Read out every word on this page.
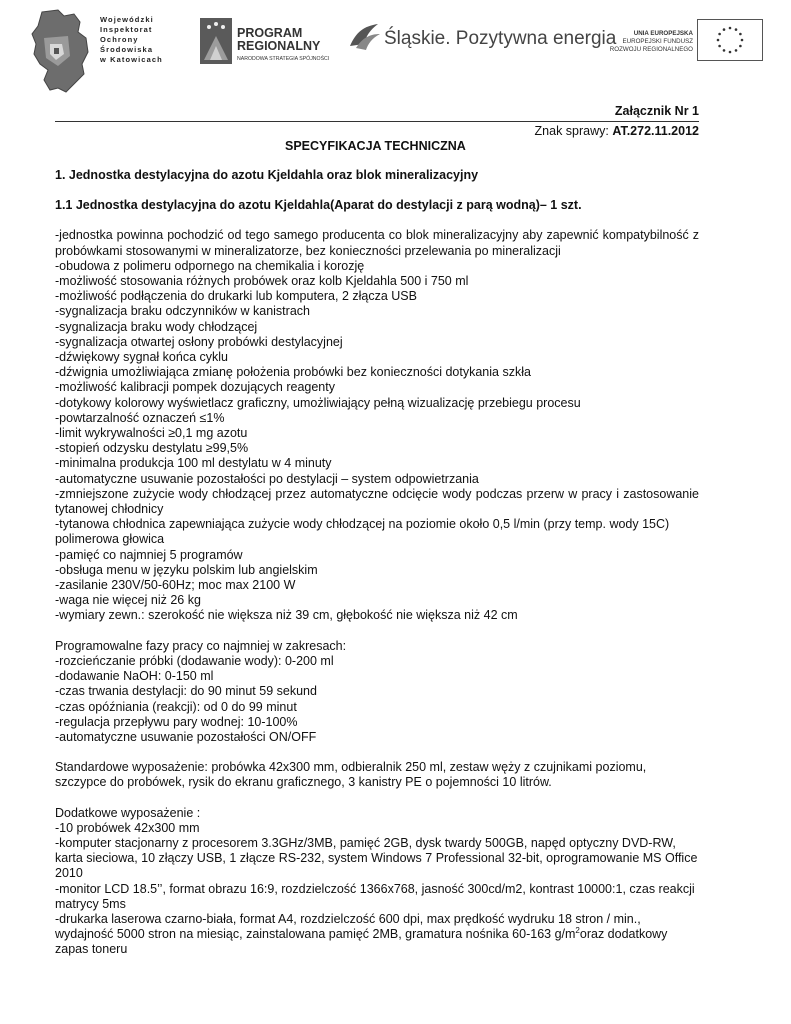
Wojewódzki
Inspektorat
Ochrony
Środowiska
w Katowicach
PROGRAM
REGIONALNY
NARODOWA STRATEGIA SPÓJNOŚCI
Śląskie. Pozytywna energia	UNIA EUROPEJSKA
EUROPEJSKI FUNDUSZ
ROZWOJU REGIONALNEGO
Załącznik Nr 1
Znak sprawy: AT.272.11.2012
SPECYFIKACJA TECHNICZNA

1. Jednostka destylacyjna do azotu Kjeldahla oraz blok mineralizacyjny

1.1 Jednostka destylacyjna do azotu Kjeldahla(Aparat do destylacji z parą wodną)– 1 szt.

-jednostka powinna pochodzić od tego samego producenta co blok mineralizacyjny aby zapewnić kompatybilność z probówkami stosowanymi w mineralizatorze, bez konieczności przelewania po mineralizacji

-obudowa z polimeru odpornego na chemikalia i korozję

-możliwość stosowania różnych probówek oraz kolb Kjeldahla 500 i 750 ml

-możliwość podłączenia do drukarki lub komputera, 2 złącza USB

-sygnalizacja braku odczynników w kanistrach

-sygnalizacja braku wody chłodzącej

-sygnalizacja otwartej osłony probówki destylacyjnej

-dźwiękowy sygnał końca cyklu

-dźwignia umożliwiająca zmianę położenia probówki bez konieczności dotykania szkła

-możliwość kalibracji pompek dozujących reagenty

-dotykowy kolorowy wyświetlacz graficzny, umożliwiający pełną wizualizację przebiegu procesu

-powtarzalność oznaczeń ≤1%

-limit wykrywalności ≥0,1 mg azotu

-stopień odzysku destylatu ≥99,5%

-minimalna produkcja 100 ml destylatu w 4 minuty

-automatyczne usuwanie pozostałości po destylacji – system odpowietrzania

-zmniejszone zużycie wody chłodzącej przez automatyczne odcięcie wody podczas przerw w pracy i zastosowanie tytanowej chłodnicy

-tytanowa chłodnica zapewniająca zużycie wody chłodzącej na poziomie około 0,5 l/min (przy temp. wody 15C) polimerowa głowica

-pamięć co najmniej 5 programów

-obsługa menu w języku polskim lub angielskim

-zasilanie 230V/50-60Hz; moc max 2100 W

-waga nie więcej niż 26 kg

-wymiary zewn.: szerokość nie większa niż 39 cm, głębokość nie większa niż 42 cm

Programowalne fazy pracy co najmniej w zakresach:

-rozcieńczanie próbki (dodawanie wody): 0-200 ml

-dodawanie NaOH: 0-150 ml

-czas trwania destylacji: do 90 minut 59 sekund

-czas opóźniania (reakcji): od 0 do 99 minut

-regulacja przepływu pary wodnej: 10-100%

-automatyczne usuwanie pozostałości ON/OFF

Standardowe wyposażenie: probówka 42x300 mm, odbieralnik 250 ml, zestaw węży z czujnikami poziomu, szczypce do probówek, rysik do ekranu graficznego, 3 kanistry PE o pojemności 10 litrów.

Dodatkowe wyposażenie :

-10 probówek 42x300 mm

-komputer stacjonarny z procesorem 3.3GHz/3MB, pamięć 2GB, dysk twardy 500GB, napęd optyczny DVD-RW, karta sieciowa, 10 złączy USB, 1 złącze RS-232, system Windows 7 Professional 32-bit, oprogramowanie MS Office 2010

-monitor LCD 18.5’’, format obrazu 16:9, rozdzielczość 1366x768, jasność 300cd/m2, kontrast 10000:1, czas reakcji matrycy 5ms

-drukarka laserowa czarno-biała, format A4, rozdzielczość 600 dpi, max prędkość wydruku 18 stron / min., wydajność 5000 stron na miesiąc, zainstalowana pamięć 2MB, gramatura nośnika 60-163 $g/m^2oraz$ dodatkowy zapas toneru
